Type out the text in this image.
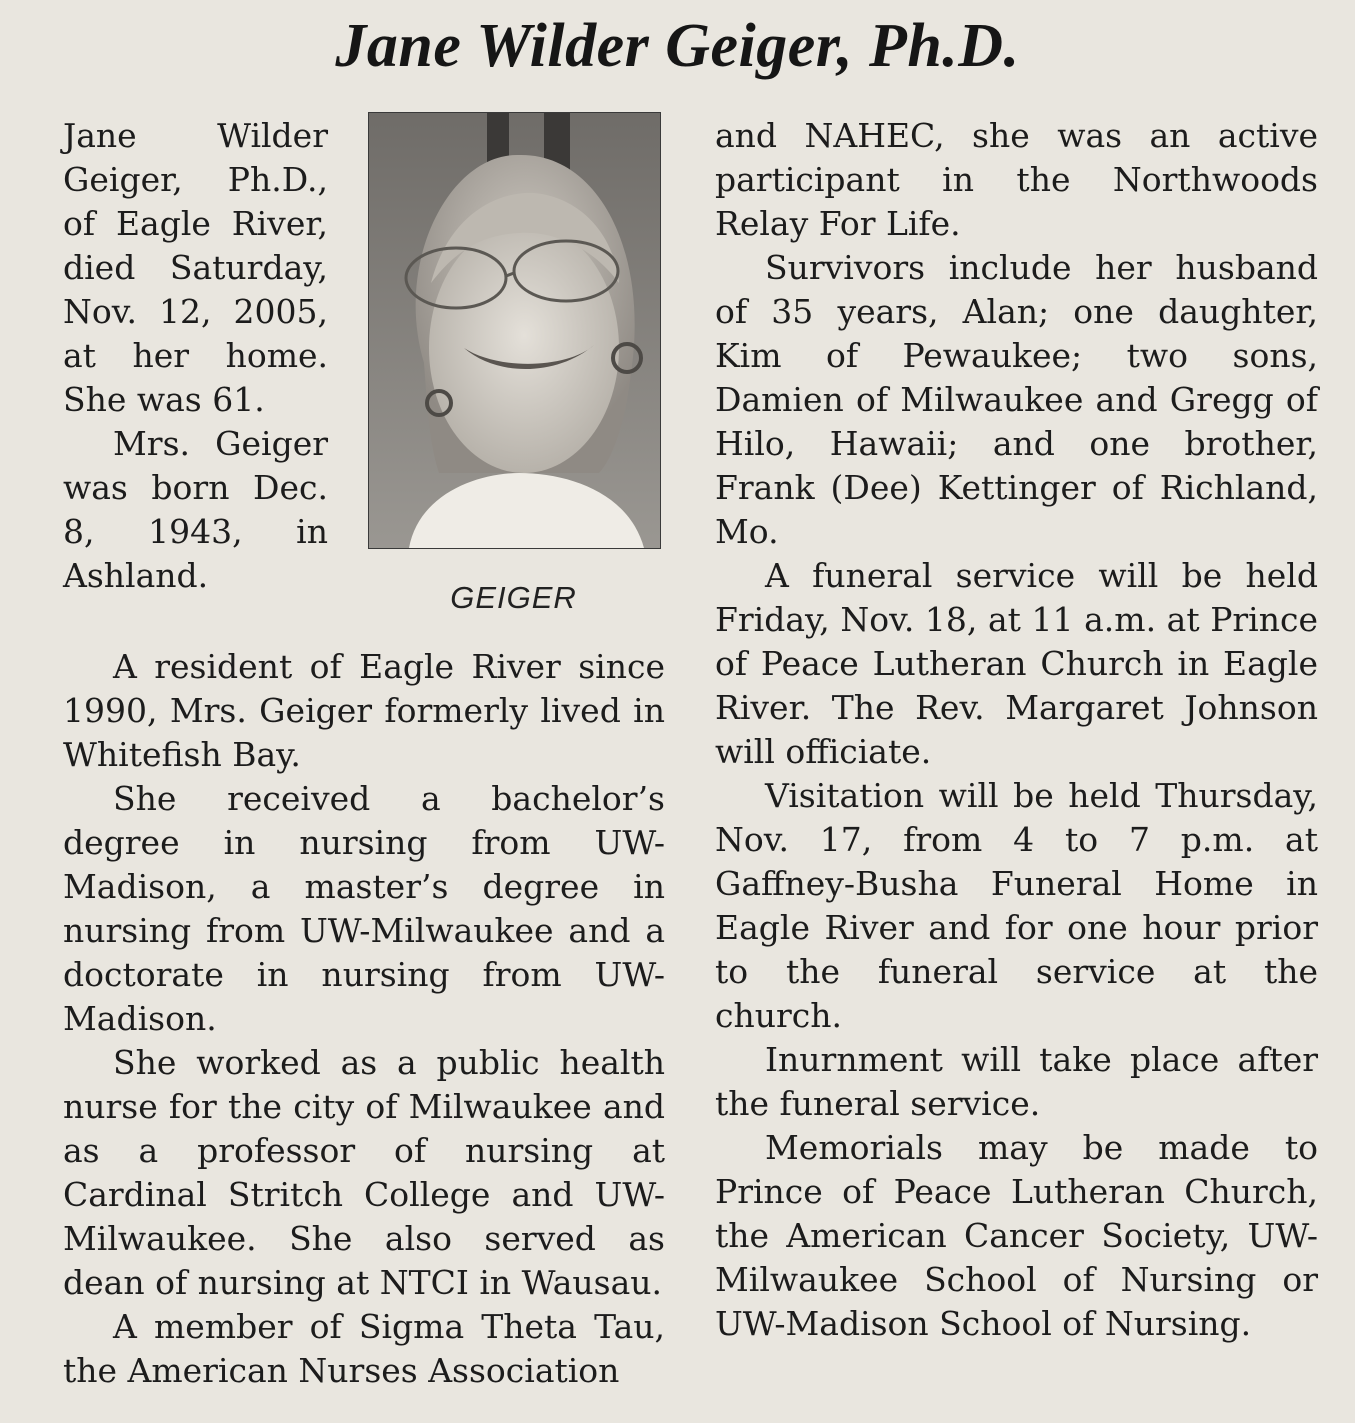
Jane Wilder Geiger, Ph.D.

Jane Wilder Geiger, Ph.D., of Eagle River, died Saturday, Nov. 12, 2005, at her home. She was 61.

Mrs. Geiger was born Dec. 8, 1943, in Ashland.

GEIGER

A resident of Eagle River since 1990, Mrs. Geiger formerly lived in Whitefish Bay.

She received a bachelor’s degree in nursing from UW-Madison, a master’s degree in nursing from UW-Milwaukee and a doctorate in nursing from UW-Madison.

She worked as a public health nurse for the city of Milwaukee and as a professor of nursing at Cardinal Stritch College and UW-Milwaukee. She also served as dean of nursing at NTCI in Wausau.

A member of Sigma Theta Tau, the American Nurses Association

and NAHEC, she was an active participant in the Northwoods Relay For Life.

Survivors include her husband of 35 years, Alan; one daughter, Kim of Pewaukee; two sons, Damien of Milwaukee and Gregg of Hilo, Hawaii; and one brother, Frank (Dee) Kettinger of Richland, Mo.

A funeral service will be held Friday, Nov. 18, at 11 a.m. at Prince of Peace Lutheran Church in Eagle River. The Rev. Margaret Johnson will officiate.

Visitation will be held Thursday, Nov. 17, from 4 to 7 p.m. at Gaffney-Busha Funeral Home in Eagle River and for one hour prior to the funeral service at the church.

Inurnment will take place after the funeral service.

Memorials may be made to Prince of Peace Lutheran Church, the American Cancer Society, UW-Milwaukee School of Nursing or UW-Madison School of Nursing.
